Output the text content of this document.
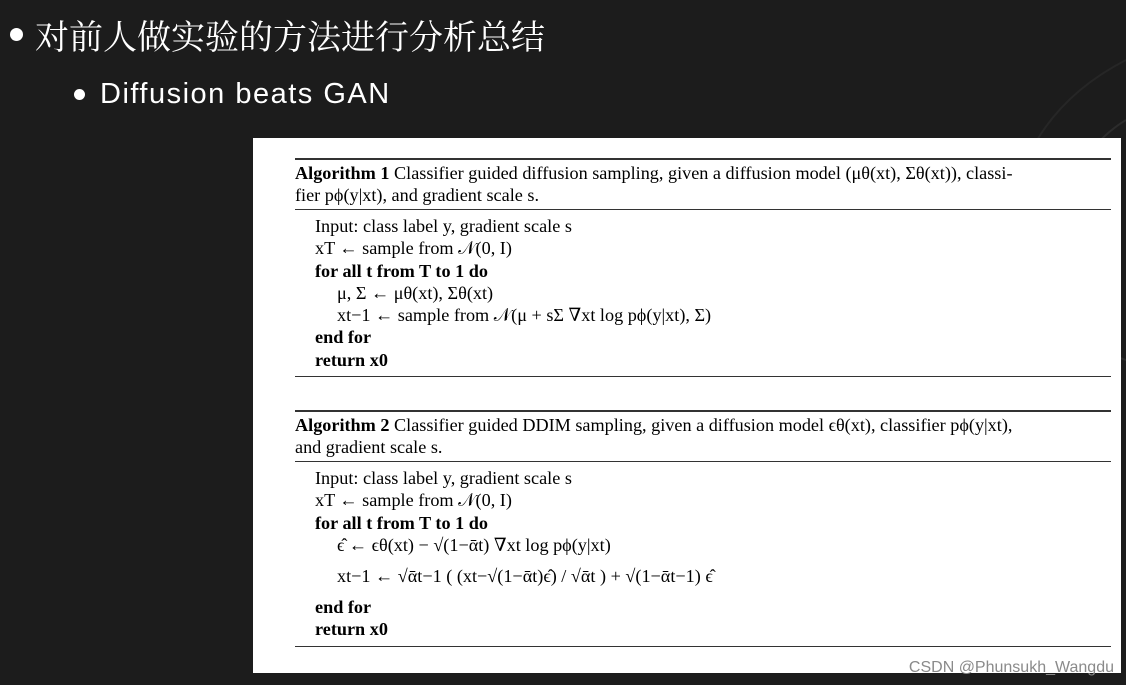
对前人做实验的方法进行分析总结
Diffusion beats GAN
Algorithm 1 Classifier guided diffusion sampling, given a diffusion model (μθ(xt), Σθ(xt)), classi-
fier pϕ(y|xt), and gradient scale s.
Input: class label y, gradient scale s
xT ← sample from 𝒩(0, I)
for all t from T to 1 do
μ, Σ ← μθ(xt), Σθ(xt)
xt−1 ← sample from 𝒩(μ + sΣ ∇xt log pϕ(y|xt), Σ)
end for
return x0
Algorithm 2 Classifier guided DDIM sampling, given a diffusion model ϵθ(xt), classifier pϕ(y|xt),
and gradient scale s.
Input: class label y, gradient scale s
xT ← sample from 𝒩(0, I)
for all t from T to 1 do
ϵ̂ ← ϵθ(xt) − √(1−ᾱt) ∇xt log pϕ(y|xt)
xt−1 ← √ᾱt−1 ( (xt−√(1−ᾱt)ϵ̂) / √ᾱt ) + √(1−ᾱt−1) ϵ̂
end for
return x0
CSDN @Phunsukh_Wangdu
